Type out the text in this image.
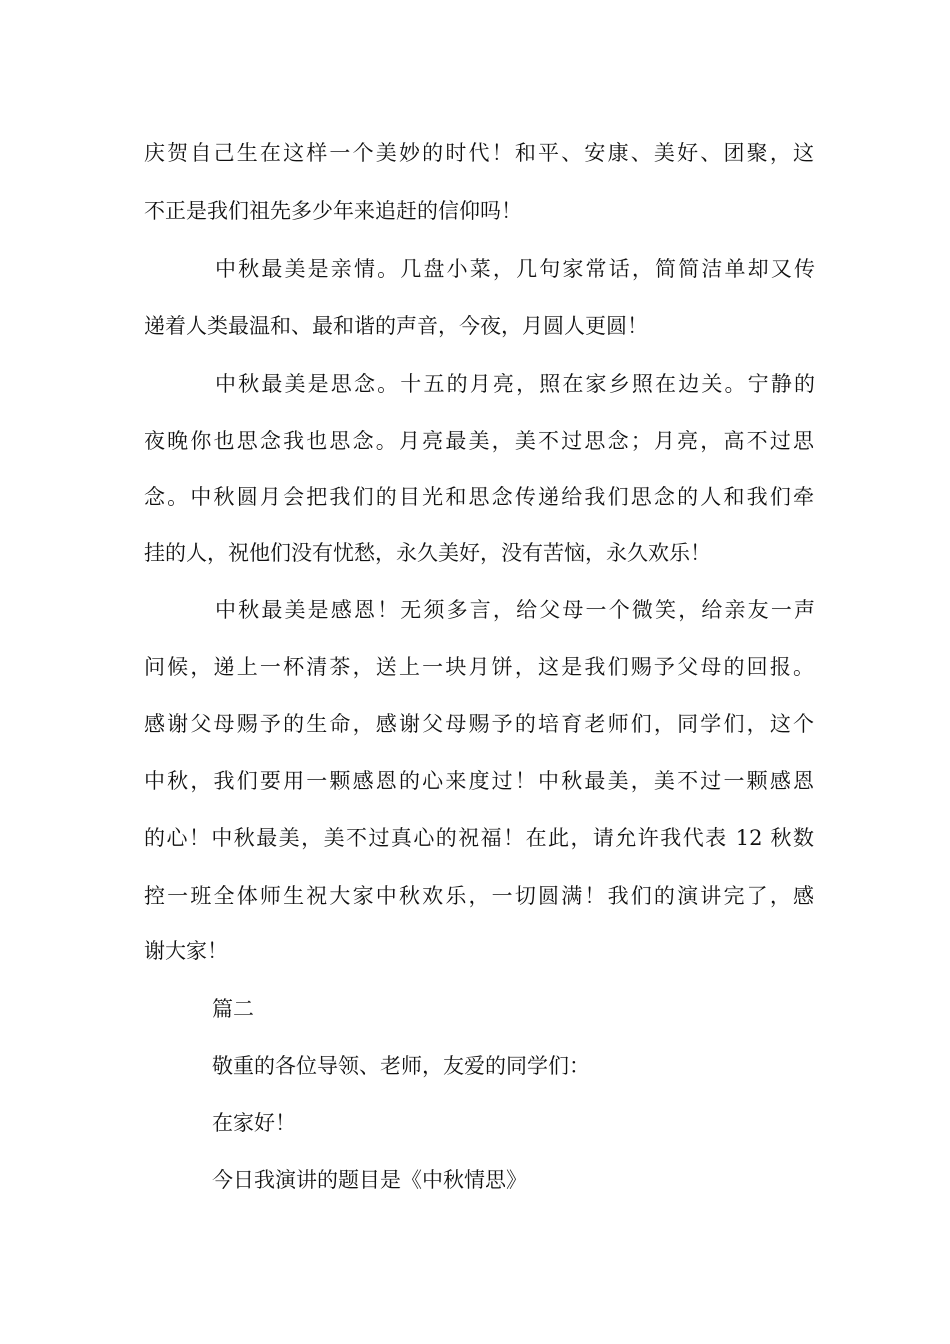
庆贺自己生在这样一个美妙的时代！和平、安康、美好、团聚，这
不正是我们祖先多少年来追赶的信仰吗！
中秋最美是亲情。几盘小菜，几句家常话，简简洁单却又传
递着人类最温和、最和谐的声音，今夜，月圆人更圆！
中秋最美是思念。十五的月亮，照在家乡照在边关。宁静的
夜晚你也思念我也思念。月亮最美，美不过思念；月亮，高不过思
念。中秋圆月会把我们的目光和思念传递给我们思念的人和我们牵
挂的人，祝他们没有忧愁，永久美好，没有苦恼，永久欢乐！
中秋最美是感恩！无须多言，给父母一个微笑，给亲友一声
问候，递上一杯清茶，送上一块月饼，这是我们赐予父母的回报。
感谢父母赐予的生命，感谢父母赐予的培育老师们，同学们，这个
中秋，我们要用一颗感恩的心来度过！中秋最美，美不过一颗感恩
的心！中秋最美，美不过真心的祝福！在此，请允许我代表 12 秋数
控一班全体师生祝大家中秋欢乐，一切圆满！我们的演讲完了，感
谢大家！
篇二
敬重的各位导领、老师，友爱的同学们：
在家好！
今日我演讲的题目是《中秋情思》
